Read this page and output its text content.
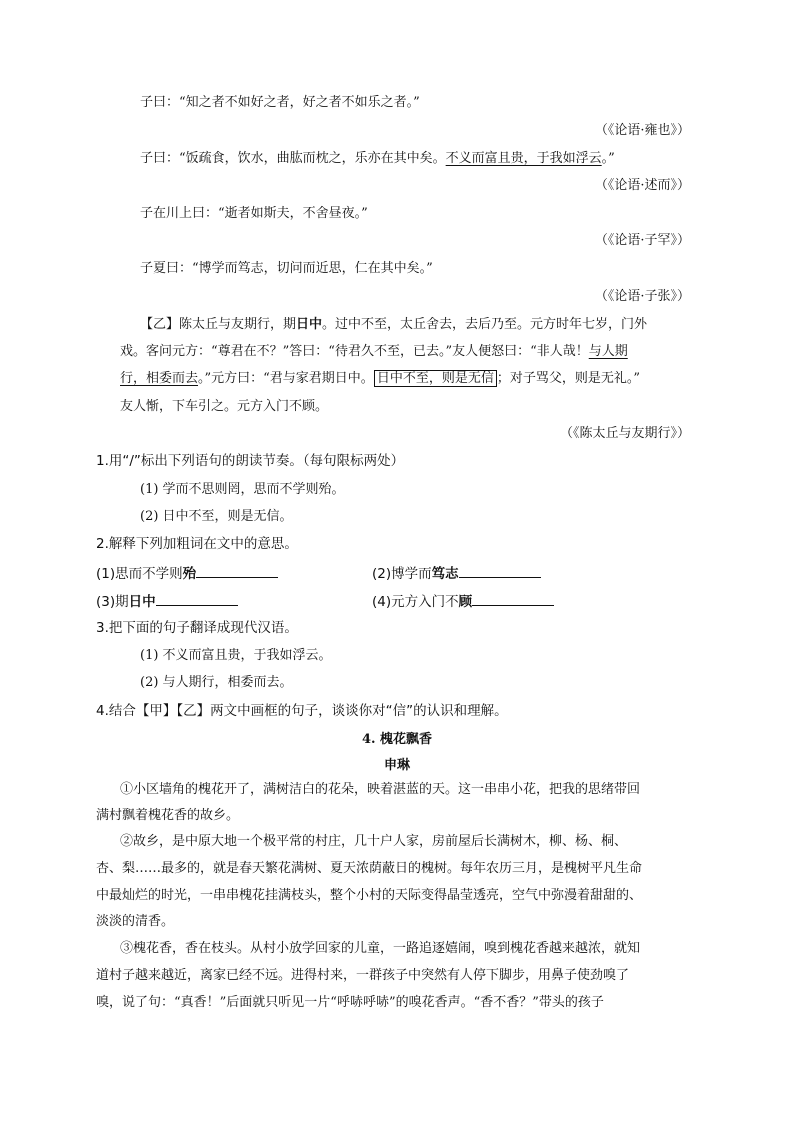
子曰：“知之者不如好之者，好之者不如乐之者。”
（《论语·雍也》）
子曰：“饭疏食，饮水，曲肱而枕之，乐亦在其中矣。不义而富且贵，于我如浮云。”
（《论语·述而》）
子在川上曰：“逝者如斯夫，不舍昼夜。”
（《论语·子罕》）
子夏曰：“博学而笃志，切问而近思，仁在其中矣。”
（《论语·子张》）
【乙】陈太丘与友期行，期日中。过中不至，太丘舍去，去后乃至。元方时年七岁，门外
戏。客问元方：“尊君在不？”答曰：“待君久不至，已去。”友人便怒曰：“非人哉！与人期
行，相委而去。”元方曰：“君与家君期日中。 日中不至，则是无信 ；对子骂父，则是无礼。”
友人惭，下车引之。元方入门不顾。
（《陈太丘与友期行》）
1.用“/”标出下列语句的朗读节奏。（每句限标两处）
(1) 学而不思则罔，思而不学则殆。
(2) 日中不至，则是无信。
2.解释下列加粗词在文中的意思。
(1)思而不学则殆	(2)博学而笃志
(3)期日中	(4)元方入门不顾
3.把下面的句子翻译成现代汉语。
(1) 不义而富且贵，于我如浮云。
(2) 与人期行，相委而去。
4.结合【甲】【乙】两文中画框的句子，谈谈你对“信”的认识和理解。
4. 槐花飘香
申琳
①小区墙角的槐花开了，满树洁白的花朵，映着湛蓝的天。这一串串小花，把我的思绪带回
满村飘着槐花香的故乡。
②故乡，是中原大地一个极平常的村庄，几十户人家，房前屋后长满树木，柳、杨、桐、
杏、梨……最多的，就是春天繁花满树、夏天浓荫蔽日的槐树。每年农历三月，是槐树平凡生命
中最灿烂的时光，一串串槐花挂满枝头，整个小村的天际变得晶莹透亮，空气中弥漫着甜甜的、
淡淡的清香。
③槐花香，香在枝头。从村小放学回家的儿童，一路追逐嬉闹，嗅到槐花香越来越浓，就知
道村子越来越近，离家已经不远。进得村来，一群孩子中突然有人停下脚步，用鼻子使劲嗅了
嗅，说了句：“真香！”后面就只听见一片“呼哧呼哧”的嗅花香声。“香不香？”带头的孩子
